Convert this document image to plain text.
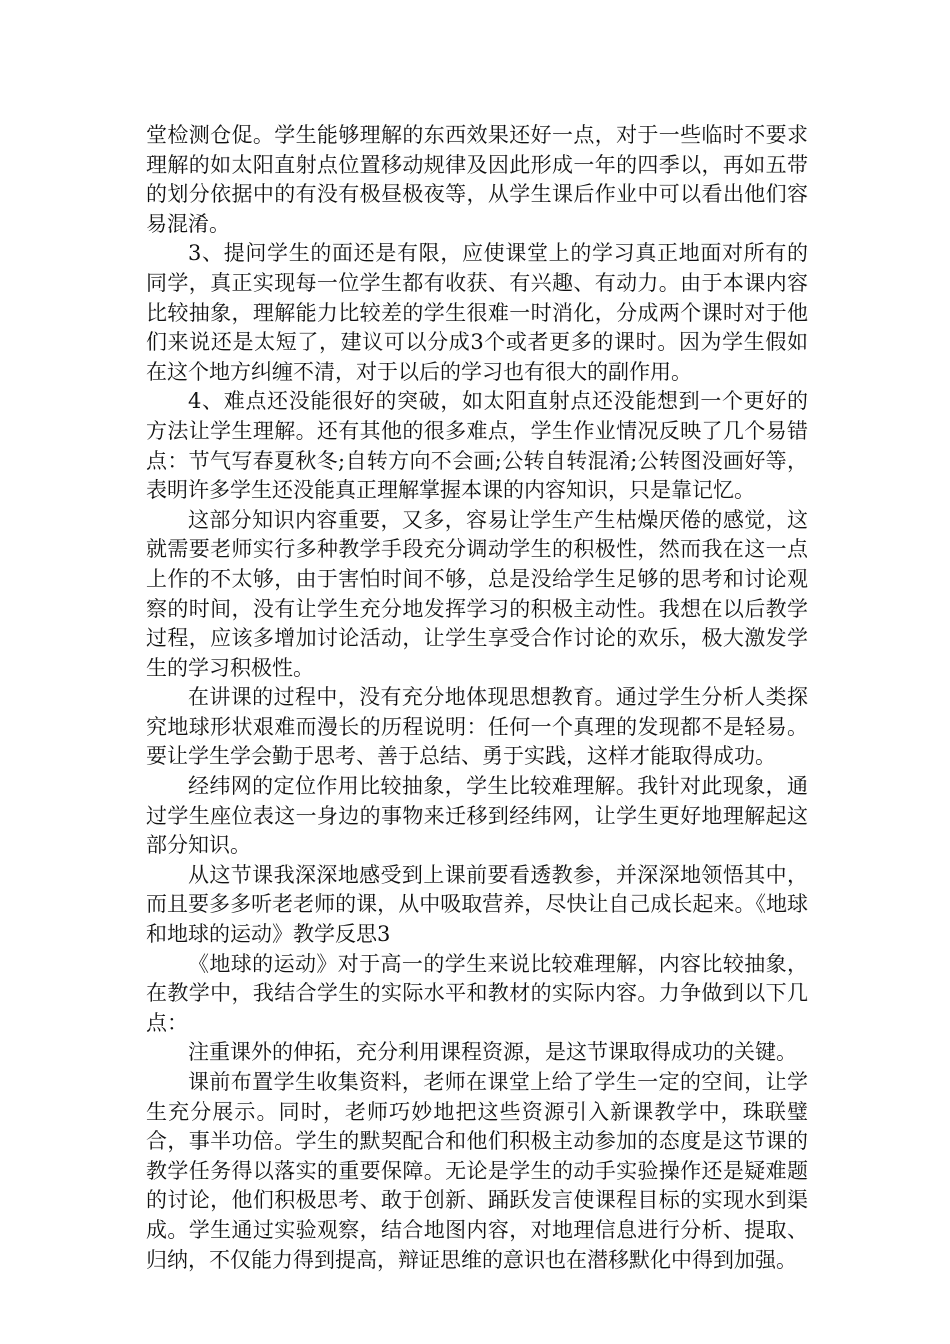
堂检测仓促。学生能够理解的东西效果还好一点，对于一些临时不要求理解的如太阳直射点位置移动规律及因此形成一年的四季以，再如五带的划分依据中的有没有极昼极夜等，从学生课后作业中可以看出他们容易混淆。

3、提问学生的面还是有限，应使课堂上的学习真正地面对所有的同学，真正实现每一位学生都有收获、有兴趣、有动力。由于本课内容比较抽象，理解能力比较差的学生很难一时消化，分成两个课时对于他们来说还是太短了，建议可以分成3个或者更多的课时。因为学生假如在这个地方纠缠不清，对于以后的学习也有很大的副作用。

4、难点还没能很好的突破，如太阳直射点还没能想到一个更好的方法让学生理解。还有其他的很多难点，学生作业情况反映了几个易错点：节气写春夏秋冬;自转方向不会画;公转自转混淆;公转图没画好等，表明许多学生还没能真正理解掌握本课的内容知识，只是靠记忆。

这部分知识内容重要，又多，容易让学生产生枯燥厌倦的感觉，这就需要老师实行多种教学手段充分调动学生的积极性，然而我在这一点上作的不太够，由于害怕时间不够，总是没给学生足够的思考和讨论观察的时间，没有让学生充分地发挥学习的积极主动性。我想在以后教学过程，应该多增加讨论活动，让学生享受合作讨论的欢乐，极大激发学生的学习积极性。

在讲课的过程中，没有充分地体现思想教育。通过学生分析人类探究地球形状艰难而漫长的历程说明：任何一个真理的发现都不是轻易。要让学生学会勤于思考、善于总结、勇于实践，这样才能取得成功。

经纬网的定位作用比较抽象，学生比较难理解。我针对此现象，通过学生座位表这一身边的事物来迁移到经纬网，让学生更好地理解起这部分知识。

从这节课我深深地感受到上课前要看透教参，并深深地领悟其中，而且要多多听老老师的课，从中吸取营养，尽快让自己成长起来。《地球和地球的运动》教学反思3

《地球的运动》对于高一的学生来说比较难理解，内容比较抽象，在教学中，我结合学生的实际水平和教材的实际内容。力争做到以下几点：

注重课外的伸拓，充分利用课程资源，是这节课取得成功的关键。

课前布置学生收集资料，老师在课堂上给了学生一定的空间，让学生充分展示。同时，老师巧妙地把这些资源引入新课教学中，珠联璧合，事半功倍。学生的默契配合和他们积极主动参加的态度是这节课的教学任务得以落实的重要保障。无论是学生的动手实验操作还是疑难题的讨论，他们积极思考、敢于创新、踊跃发言使课程目标的实现水到渠成。学生通过实验观察，结合地图内容，对地理信息进行分析、提取、归纳，不仅能力得到提高，辩证思维的意识也在潜移默化中得到加强。
